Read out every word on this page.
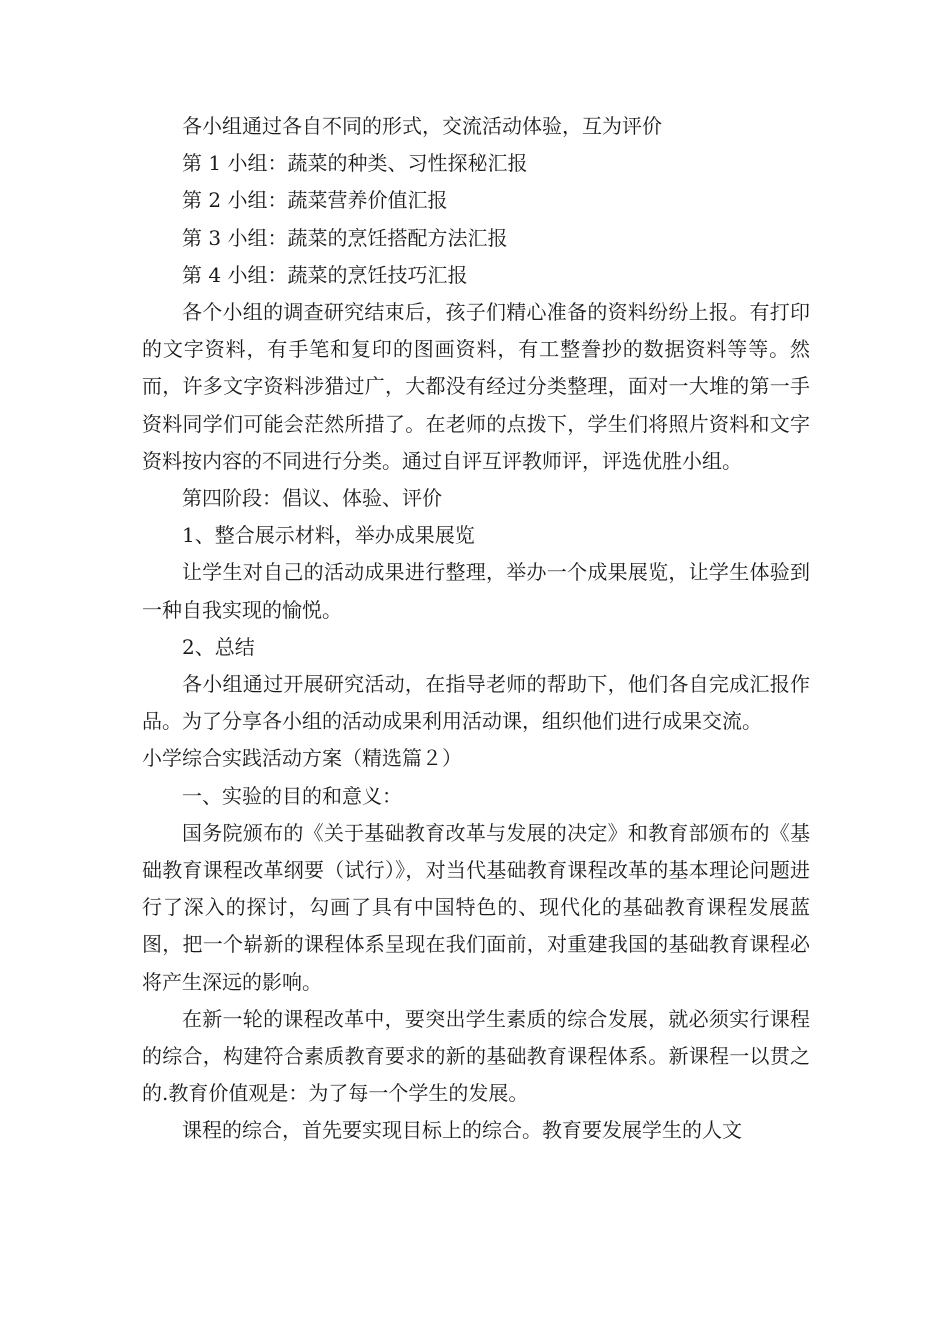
各小组通过各自不同的形式，交流活动体验，互为评价

第 1 小组：蔬菜的种类、习性探秘汇报

第 2 小组：蔬菜营养价值汇报

第 3 小组：蔬菜的烹饪搭配方法汇报

第 4 小组：蔬菜的烹饪技巧汇报

各个小组的调查研究结束后，孩子们精心准备的资料纷纷上报。有打印的文字资料，有手笔和复印的图画资料，有工整誊抄的数据资料等等。然而，许多文字资料涉猎过广，大都没有经过分类整理，面对一大堆的第一手资料同学们可能会茫然所措了。在老师的点拨下，学生们将照片资料和文字资料按内容的不同进行分类。通过自评互评教师评，评选优胜小组。

第四阶段：倡议、体验、评价

1、整合展示材料，举办成果展览

让学生对自己的活动成果进行整理，举办一个成果展览，让学生体验到一种自我实现的愉悦。

2、总结

各小组通过开展研究活动，在指导老师的帮助下，他们各自完成汇报作品。为了分享各小组的活动成果利用活动课，组织他们进行成果交流。

小学综合实践活动方案（精选篇２）

一、实验的目的和意义：

国务院颁布的《关于基础教育改革与发展的决定》和教育部颁布的《基础教育课程改革纲要（试行）》，对当代基础教育课程改革的基本理论问题进行了深入的探讨，勾画了具有中国特色的、现代化的基础教育课程发展蓝图，把一个崭新的课程体系呈现在我们面前，对重建我国的基础教育课程必将产生深远的影响。

在新一轮的课程改革中，要突出学生素质的综合发展，就必须实行课程的综合，构建符合素质教育要求的新的基础教育课程体系。新课程一以贯之的.教育价值观是：为了每一个学生的发展。

课程的综合，首先要实现目标上的综合。教育要发展学生的人文
